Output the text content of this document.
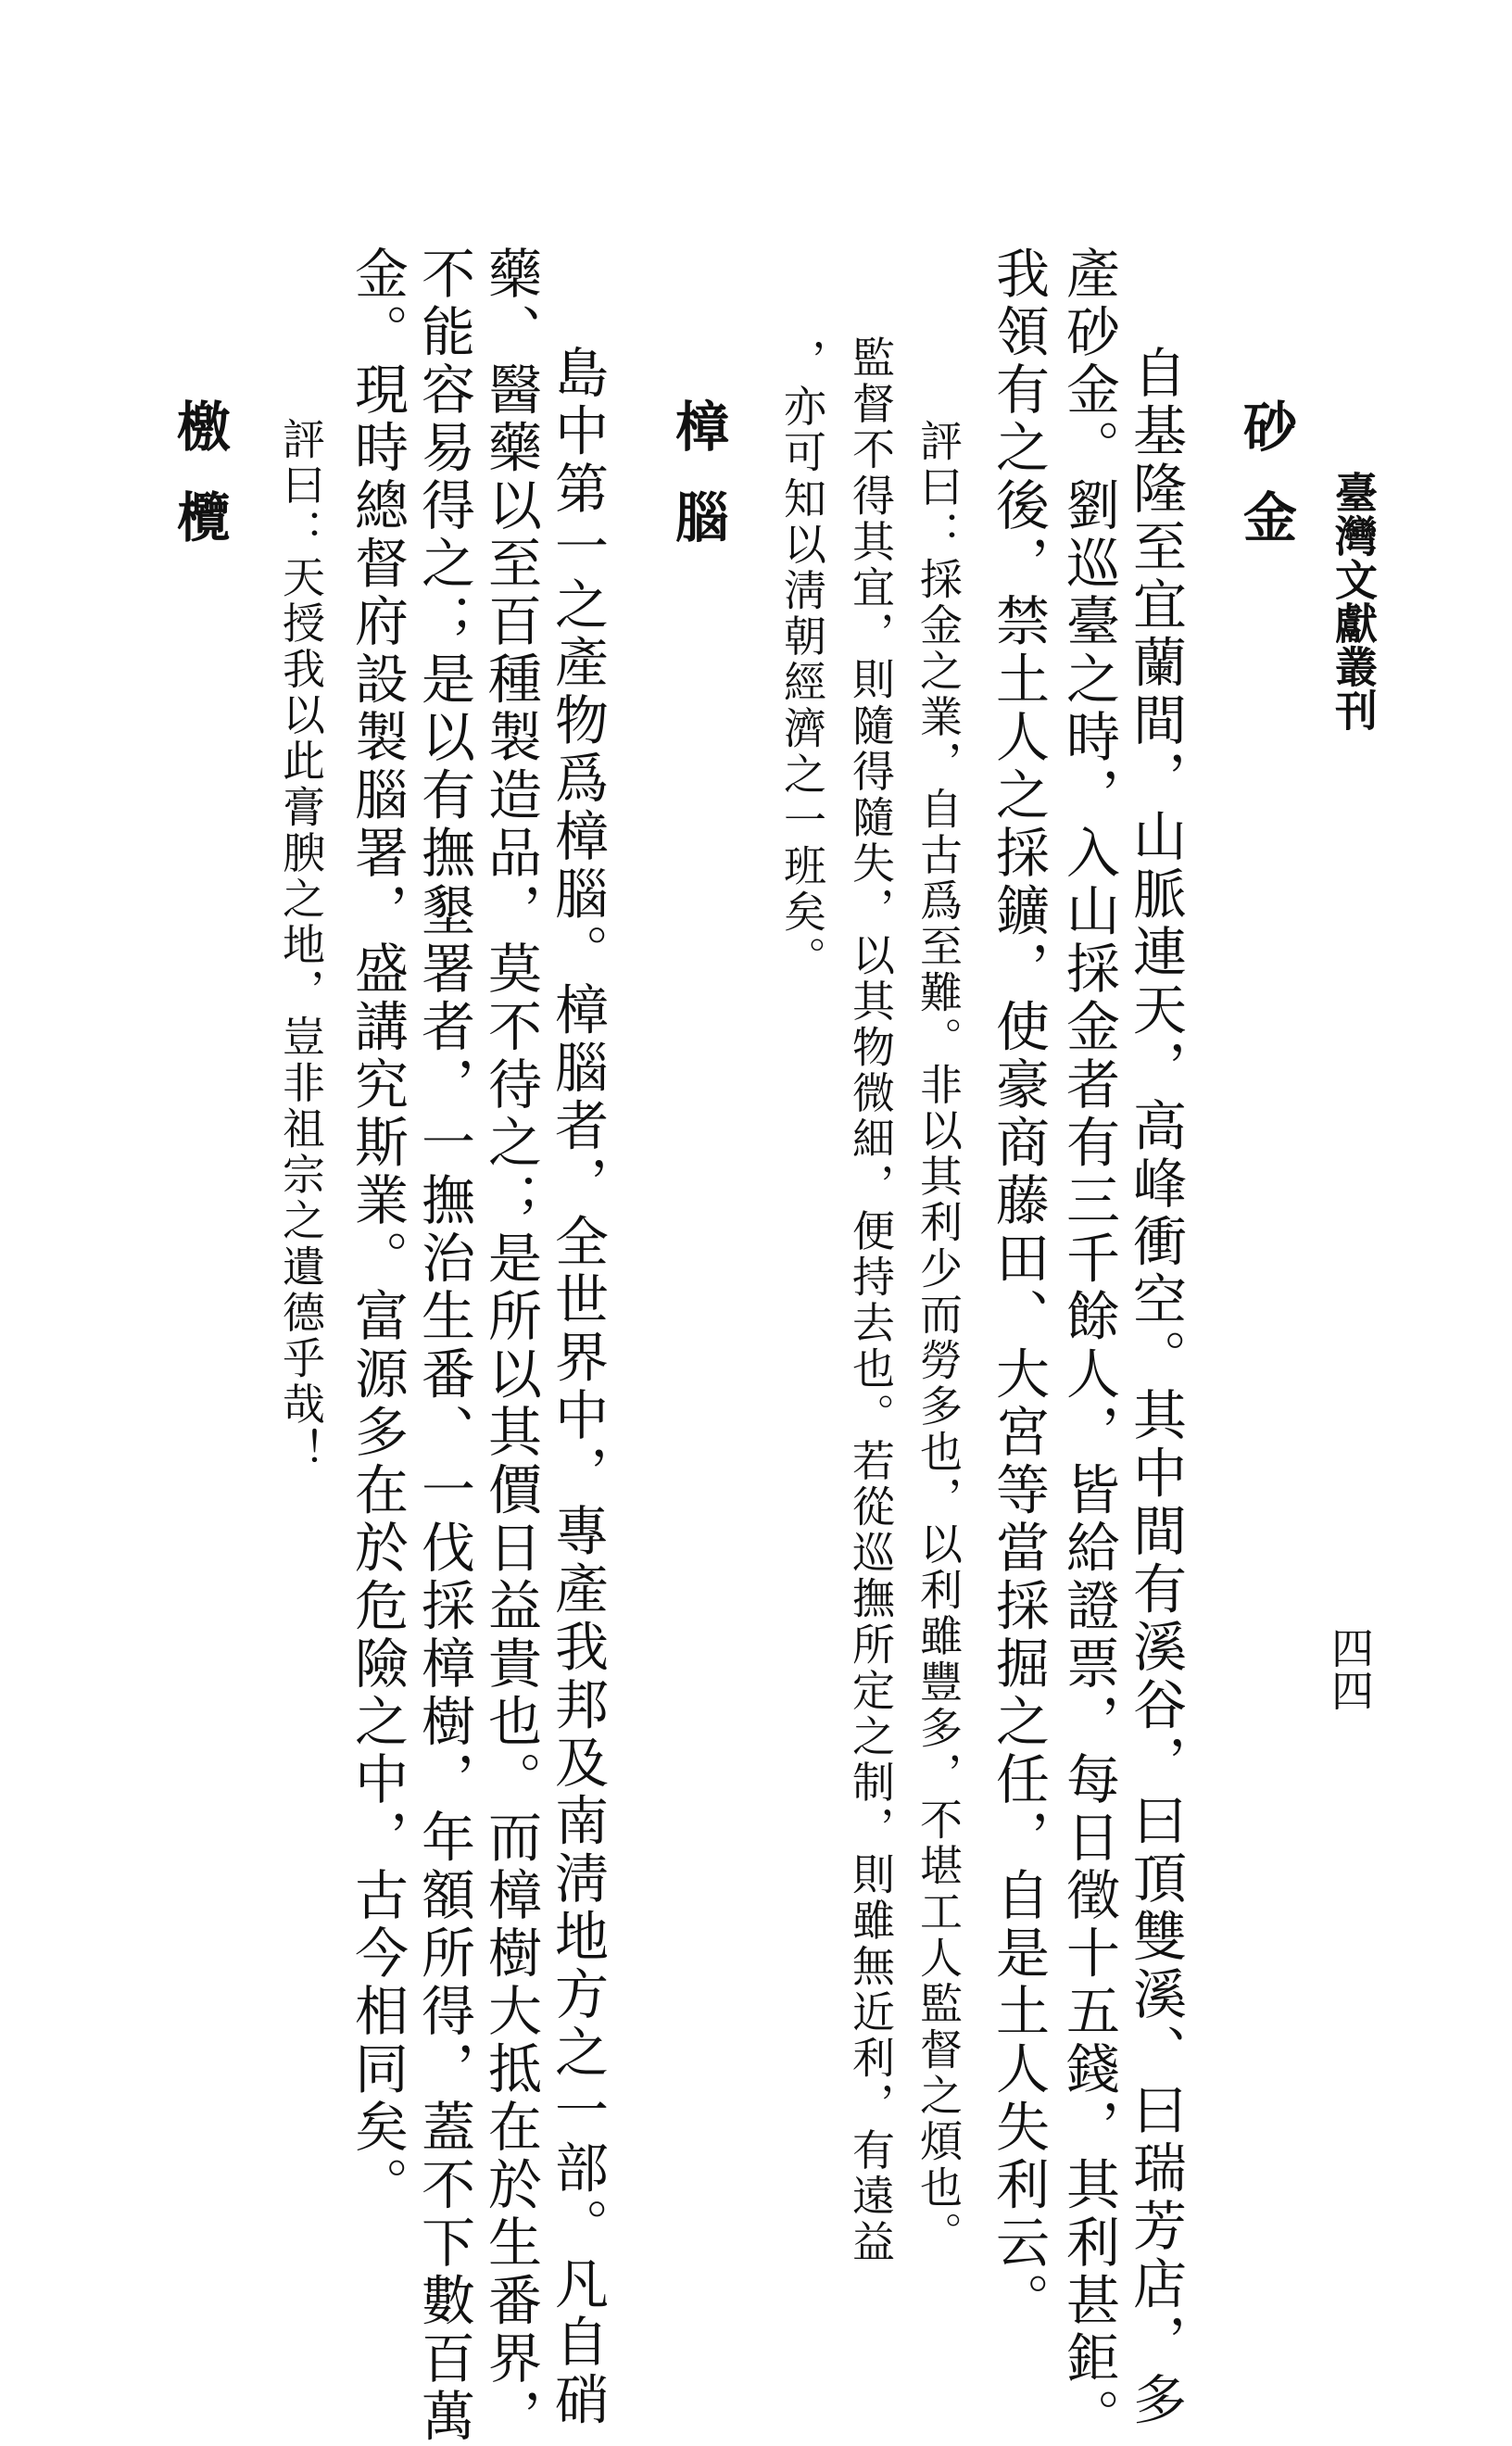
臺灣文獻叢刊
四四
砂金
自基隆至宜蘭間，山脈連天，高峰衝空。其中間有溪谷，曰頂雙溪、曰瑞芳店，多
產砂金。劉巡臺之時，入山採金者有三千餘人，皆給證票，每日徵十五錢，其利甚鉅。
我領有之後，禁土人之採鑛，使豪商藤田、大宮等當採掘之任，自是土人失利云。
評曰：採金之業，自古爲至難。非以其利少而勞多也，以利雖豐多，不堪工人監督之煩也。
監督不得其宜，則隨得隨失，以其物微細，便持去也。若從巡撫所定之制，則雖無近利，有遠益
，亦可知以淸朝經濟之一班矣。
樟腦
島中第一之產物爲樟腦。樟腦者，全世界中，專產我邦及南淸地方之一部。凡自硝
藥、醫藥以至百種製造品，莫不待之；是所以其價日益貴也。而樟樹大抵在於生番界，
不能容易得之；是以有撫墾署者，一撫治生番、一伐採樟樹，年額所得，蓋不下數百萬
金。現時總督府設製腦署，盛講究斯業。富源多在於危險之中，古今相同矣。
評曰：天授我以此膏腴之地，豈非祖宗之遺德乎哉！
檄欖
